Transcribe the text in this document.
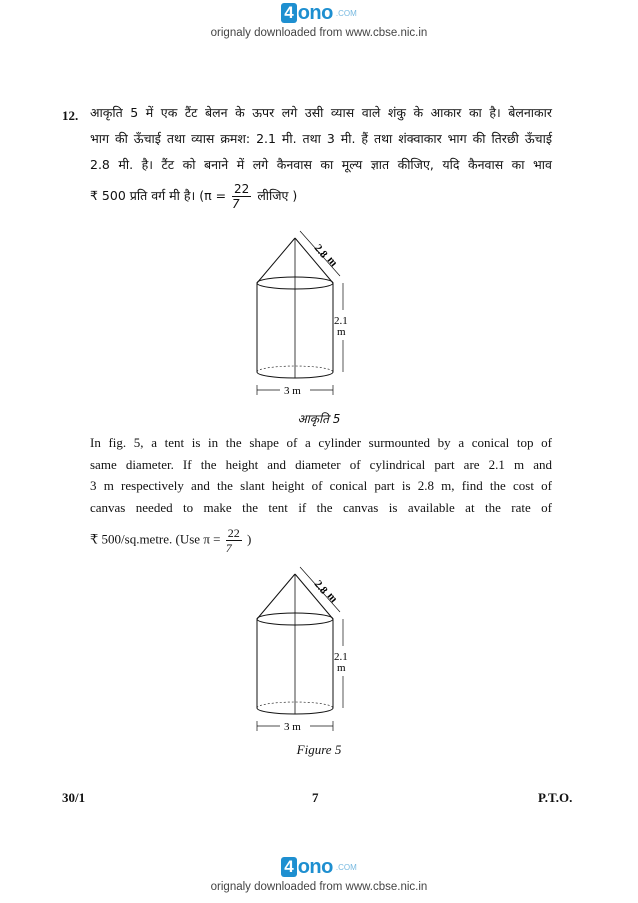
4 ono .COM
orignaly downloaded from www.cbse.nic.in
12. आकृति 5 में एक टैंट बेलन के ऊपर लगे उसी व्यास वाले शंकु के आकार का है। बेलनाकार
भाग की ऊँचाई तथा व्यास क्रमश: 2.1 मी. तथा 3 मी. हैं तथा शंक्वाकार भाग की तिरछी ऊँचाई
2.8 मी. है। टैंट को बनाने में लगे कैनवास का मूल्य ज्ञात कीजिए, यदि कैनवास का भाव
₹ 500 प्रति वर्ग मी है। ($\pi = \frac{22}{7}$ लीजिए )
2.8
m
2.1
m
3 m
आकृति 5
In fig. 5, a tent is in the shape of a cylinder surmounted by a conical top of
same diameter. If the height and diameter of cylindrical part are 2.1 m and
3 m respectively and the slant height of conical part is 2.8 m, find the cost of
canvas needed to make the tent if the canvas is available at the rate of
₹ 500/sq.metre. (Use $\pi = \frac{22}{7}$ )
2.8
m
2.1
m
3 m
Figure 5
30/1	7	P.T.O.
4 ono .COM
orignaly downloaded from www.cbse.nic.in
